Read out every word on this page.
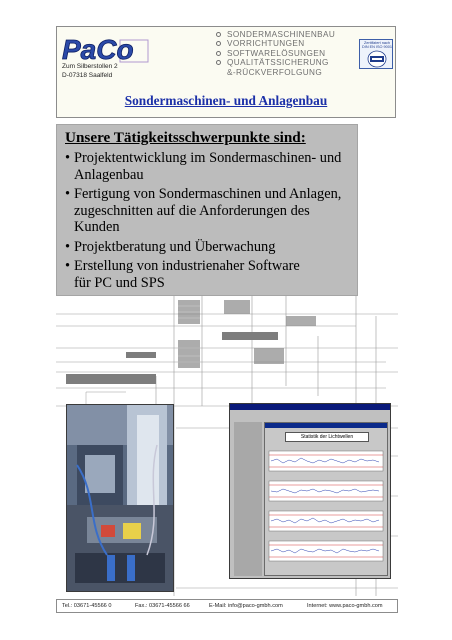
PaCo
Zum Silberstollen 2
D-07318 Saalfeld
SONDERMASCHINENBAU
VORRICHTUNGEN
SOFTWARELÖSUNGEN
QUALITÄTSSICHERUNG
&-RÜCKVERFOLGUNG
Zertifiziert nach
DIN EN ISO 9001
Sondermaschinen- und Anlagenbau
Unsere Tätigkeitsschwerpunkte sind:
• Projektentwicklung im Sondermaschinen- und
Anlagenbau
• Fertigung von Sondermaschinen und Anlagen,
zugeschnitten auf die Anforderungen des Kunden
• Projektberatung und Überwachung
• Erstellung von industrienaher Software
für PC und SPS
Statistik der Lichtwellen
Tel.: 03671-45566 0	Fax.: 03671-45566 66	E-Mail: info@paco-gmbh.com	Internet: www.paco-gmbh.com
